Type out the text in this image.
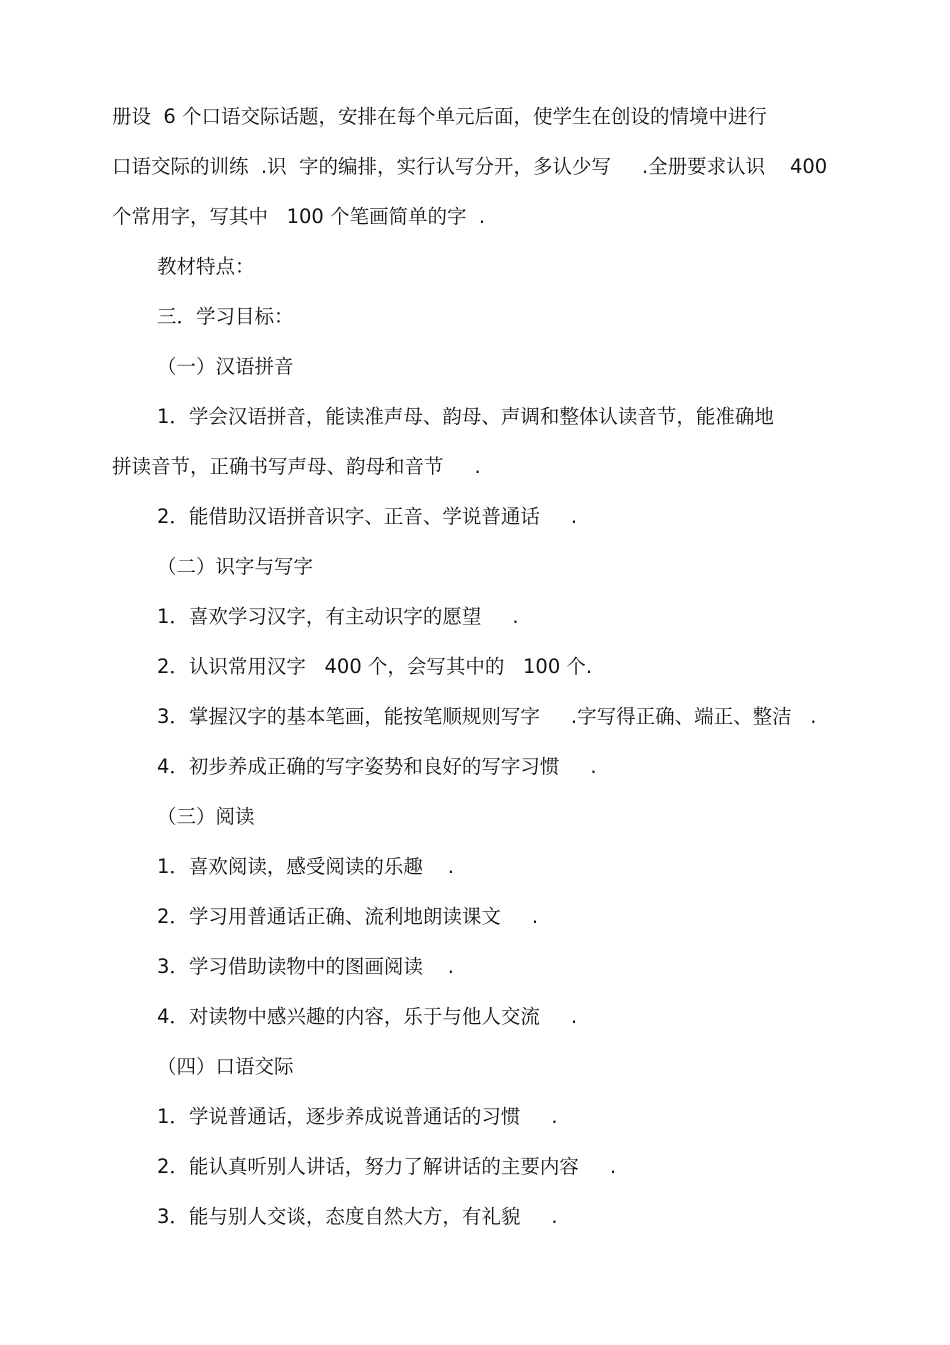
册设  6 个口语交际话题，安排在每个单元后面，使学生在创设的情境中进行
口语交际的训练  .识  字的编排，实行认写分开，多认少写     .全册要求认识    400
个常用字，写其中   100 个笔画简单的字  .
教材特点：
三．学习目标：
（一）汉语拼音
1．学会汉语拼音，能读准声母、韵母、声调和整体认读音节，能准确地
拼读音节，正确书写声母、韵母和音节     .
2．能借助汉语拼音识字、正音、学说普通话     .
（二）识字与写字
1．喜欢学习汉字，有主动识字的愿望     .
2．认识常用汉字   400 个，会写其中的   100 个.
3．掌握汉字的基本笔画，能按笔顺规则写字     .字写得正确、端正、整洁   .
4．初步养成正确的写字姿势和良好的写字习惯     .
（三）阅读
1．喜欢阅读，感受阅读的乐趣    .
2．学习用普通话正确、流利地朗读课文     .
3．学习借助读物中的图画阅读    .
4．对读物中感兴趣的内容，乐于与他人交流     .
（四）口语交际
1．学说普通话，逐步养成说普通话的习惯     .
2．能认真听别人讲话，努力了解讲话的主要内容     .
3．能与别人交谈，态度自然大方，有礼貌     .
